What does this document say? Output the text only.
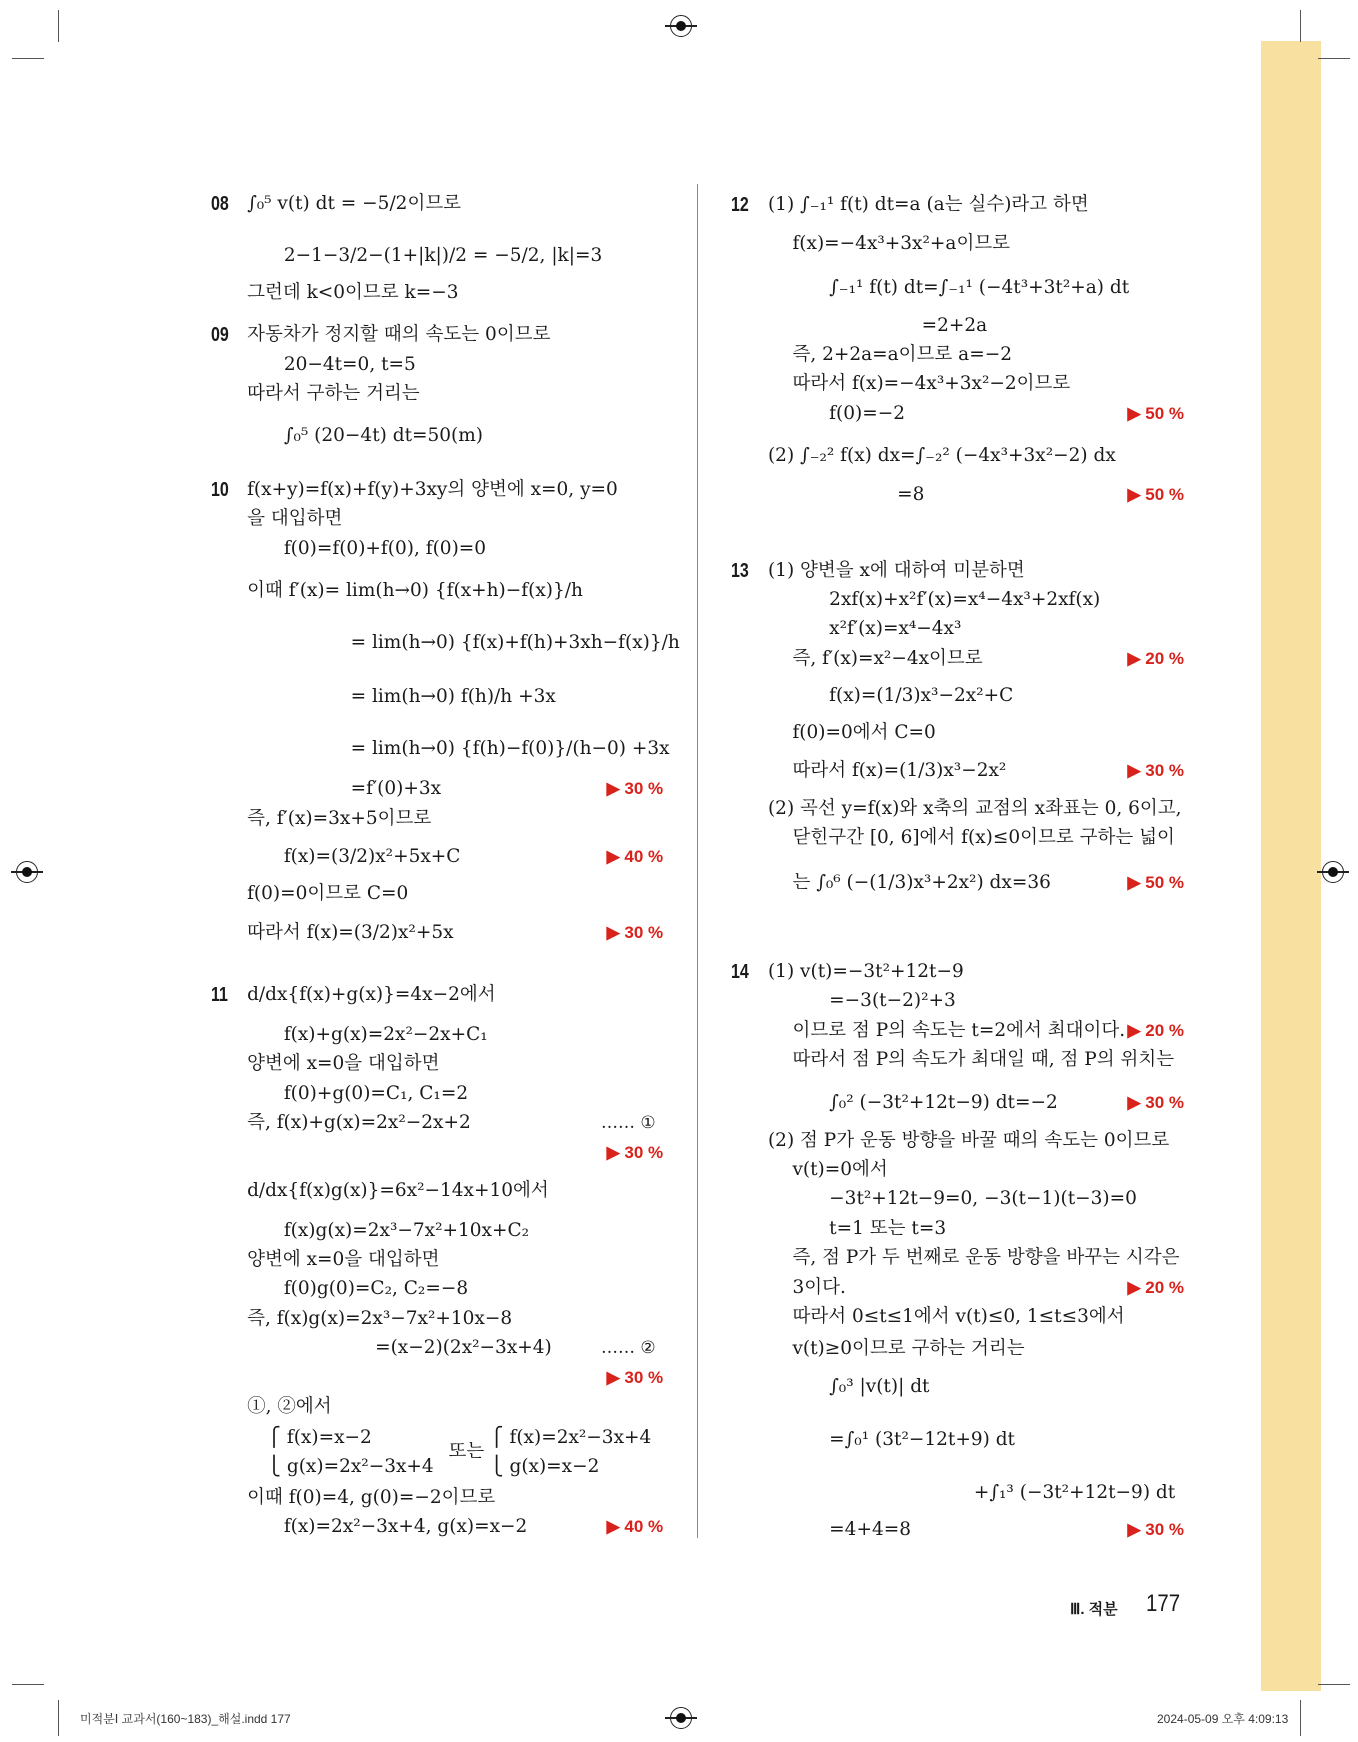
08 ∫₀⁵ v(t) dt = −5/2이므로
2−1−3/2−(1+|k|)/2 = −5/2, |k|=3
그런데 k<0이므로 k=−3
09 자동차가 정지할 때의 속도는 0이므로
20−4t=0, t=5
따라서 구하는 거리는
∫₀⁵ (20−4t) dt=50(m)
10 f(x+y)=f(x)+f(y)+3xy의 양변에 x=0, y=0
을 대입하면
f(0)=f(0)+f(0), f(0)=0
이때 f′(x)= lim(h→0) {f(x+h)−f(x)}/h
= lim(h→0) {f(x)+f(h)+3xh−f(x)}/h
= lim(h→0) f(h)/h +3x
= lim(h→0) {f(h)−f(0)}/(h−0) +3x
=f′(0)+3x	▶ 30 %
즉, f′(x)=3x+5이므로
f(x)=(3/2)x²+5x+C	▶ 40 %
f(0)=0이므로 C=0
따라서 f(x)=(3/2)x²+5x	▶ 30 %
11 d/dx{f(x)+g(x)}=4x−2에서
f(x)+g(x)=2x²−2x+C₁
양변에 x=0을 대입하면
f(0)+g(0)=C₁, C₁=2
즉, f(x)+g(x)=2x²−2x+2	…… ①
▶ 30 %
d/dx{f(x)g(x)}=6x²−14x+10에서
f(x)g(x)=2x³−7x²+10x+C₂
양변에 x=0을 대입하면
f(0)g(0)=C₂, C₂=−8
즉, f(x)g(x)=2x³−7x²+10x−8
=(x−2)(2x²−3x+4)	…… ②
▶ 30 %
①, ②에서
⎧ f(x)=x−2
⎩ g(x)=2x²−3x+4
또는
⎧ f(x)=2x²−3x+4
⎩ g(x)=x−2
이때 f(0)=4, g(0)=−2이므로
f(x)=2x²−3x+4, g(x)=x−2	▶ 40 %
12 (1) ∫₋₁¹ f(t) dt=a (a는 실수)라고 하면
f(x)=−4x³+3x²+a이므로
∫₋₁¹ f(t) dt=∫₋₁¹ (−4t³+3t²+a) dt
=2+2a
즉, 2+2a=a이므로 a=−2
따라서 f(x)=−4x³+3x²−2이므로
f(0)=−2	▶ 50 %
(2) ∫₋₂² f(x) dx=∫₋₂² (−4x³+3x²−2) dx
=8	▶ 50 %
13 (1) 양변을 x에 대하여 미분하면
2xf(x)+x²f′(x)=x⁴−4x³+2xf(x)
x²f′(x)=x⁴−4x³
즉, f′(x)=x²−4x이므로	▶ 20 %
f(x)=(1/3)x³−2x²+C
f(0)=0에서 C=0
따라서 f(x)=(1/3)x³−2x²	▶ 30 %
(2) 곡선 y=f(x)와 x축의 교점의 x좌표는 0, 6이고,
닫힌구간 [0, 6]에서 f(x)≤0이므로 구하는 넓이
는 ∫₀⁶ (−(1/3)x³+2x²) dx=36	▶ 50 %
14 (1) v(t)=−3t²+12t−9
=−3(t−2)²+3
이므로 점 P의 속도는 t=2에서 최대이다. ▶ 20 %
따라서 점 P의 속도가 최대일 때, 점 P의 위치는
∫₀² (−3t²+12t−9) dt=−2	▶ 30 %
(2) 점 P가 운동 방향을 바꿀 때의 속도는 0이므로
v(t)=0에서
−3t²+12t−9=0, −3(t−1)(t−3)=0
t=1 또는 t=3
즉, 점 P가 두 번째로 운동 방향을 바꾸는 시각은
3이다.	▶ 20 %
따라서 0≤t≤1에서 v(t)≤0, 1≤t≤3에서
v(t)≥0이므로 구하는 거리는
∫₀³ |v(t)| dt
=∫₀¹ (3t²−12t+9) dt
+∫₁³ (−3t²+12t−9) dt
=4+4=8	▶ 30 %
Ⅲ. 적분 177
미적분Ⅰ 교과서(160~183)_해설.indd 177	2024-05-09 오후 4:09:13
